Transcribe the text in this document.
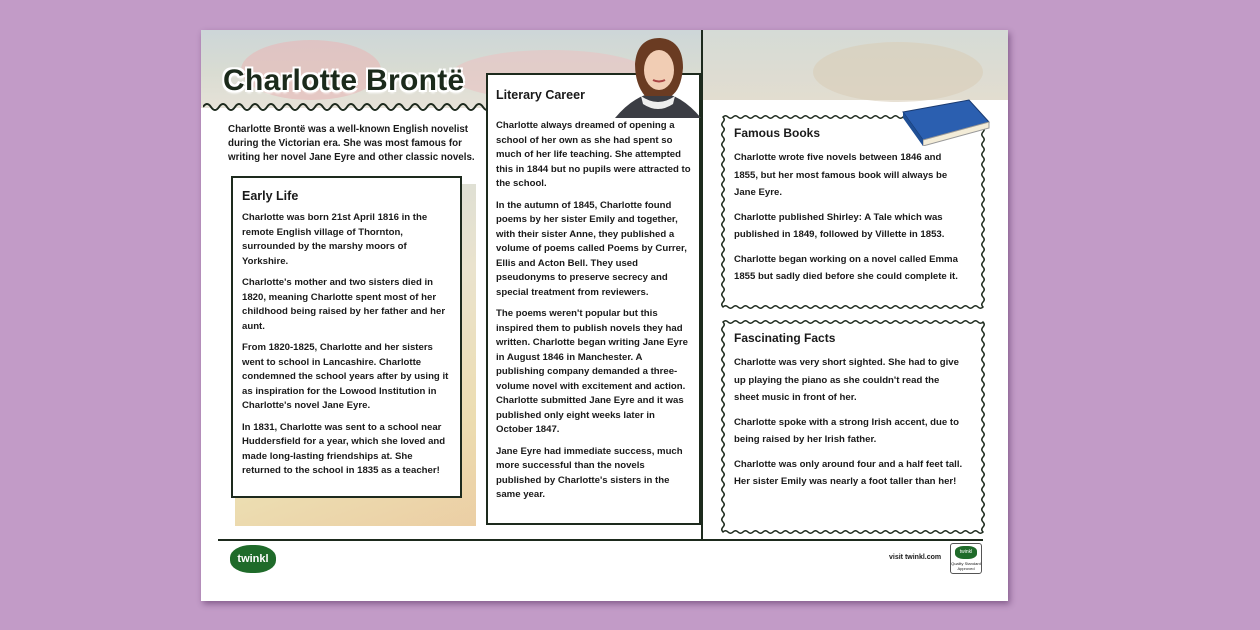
Charlotte Brontë
Charlotte Brontë was a well-known English novelist during the Victorian era. She was most famous for writing her novel Jane Eyre and other classic novels.
Early Life

Charlotte was born 21st April 1816 in the remote English village of Thornton, surrounded by the marshy moors of Yorkshire.

Charlotte's mother and two sisters died in 1820, meaning Charlotte spent most of her childhood being raised by her father and her aunt.

From 1820-1825, Charlotte and her sisters went to school in Lancashire. Charlotte condemned the school years after by using it as inspiration for the Lowood Institution in Charlotte's novel Jane Eyre.

In 1831, Charlotte was sent to a school near Huddersfield for a year, which she loved and made long-lasting friendships at. She returned to the school in 1835 as a teacher!

Literary Career

Charlotte always dreamed of opening a school of her own as she had spent so much of her life teaching. She attempted this in 1844 but no pupils were attracted to the school.

In the autumn of 1845, Charlotte found poems by her sister Emily and together, with their sister Anne, they published a volume of poems called Poems by Currer, Ellis and Acton Bell. They used pseudonyms to preserve secrecy and special treatment from reviewers.

The poems weren't popular but this inspired them to publish novels they had written. Charlotte began writing Jane Eyre in August 1846 in Manchester. A publishing company demanded a three-volume novel with excitement and action. Charlotte submitted Jane Eyre and it was published only eight weeks later in October 1847.

Jane Eyre had immediate success, much more successful than the novels published by Charlotte's sisters in the same year.

Famous Books

Charlotte wrote five novels between 1846 and 1855, but her most famous book will always be Jane Eyre.

Charlotte published Shirley: A Tale which was published in 1849, followed by Villette in 1853.

Charlotte began working on a novel called Emma 1855 but sadly died before she could complete it.

Fascinating Facts

Charlotte was very short sighted. She had to give up playing the piano as she couldn't read the sheet music in front of her.

Charlotte spoke with a strong Irish accent, due to being raised by her Irish father.

Charlotte was only around four and a half feet tall. Her sister Emily was nearly a foot taller than her!

twinkl	visit twinkl.com
twinkl
Quality Standard Approved
